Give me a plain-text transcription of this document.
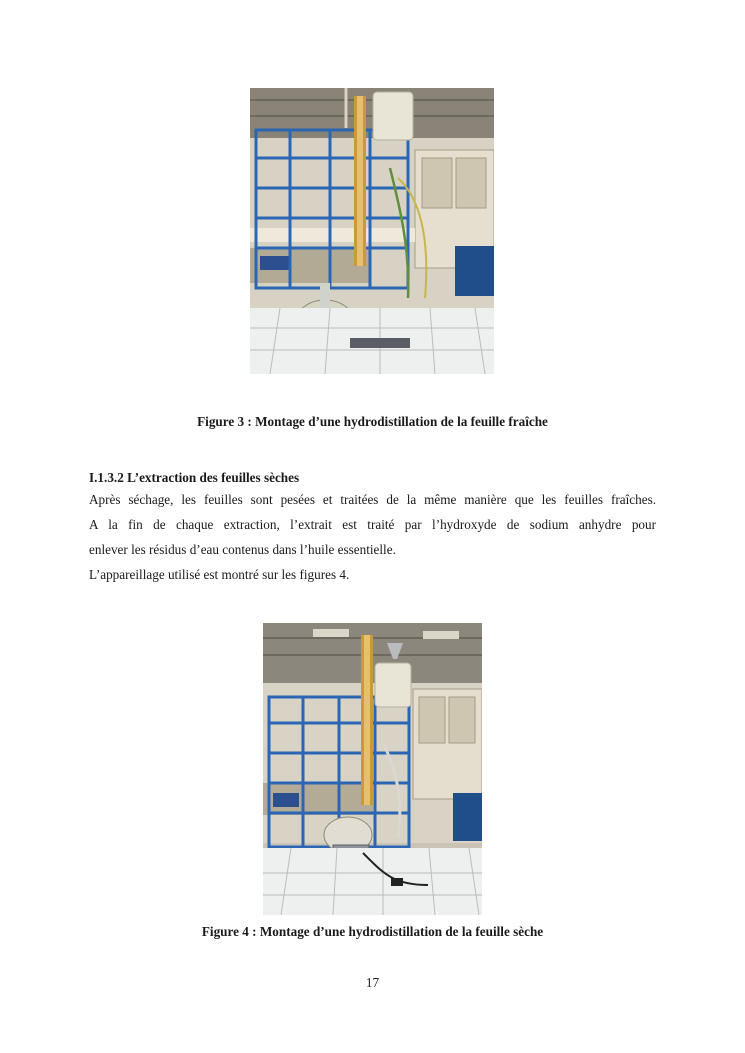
Figure 3 : Montage d’une hydrodistillation de la feuille fraîche
I.1.3.2 L’extraction des feuilles sèches
Après séchage, les feuilles sont pesées et traitées de la même manière que les feuilles fraîches.
A la fin de chaque extraction, l’extrait est traité par l’hydroxyde de sodium anhydre pour
enlever les résidus d’eau contenus dans l’huile essentielle.
L’appareillage utilisé est montré sur les figures 4.
Figure 4 : Montage d’une hydrodistillation de la feuille sèche
17
